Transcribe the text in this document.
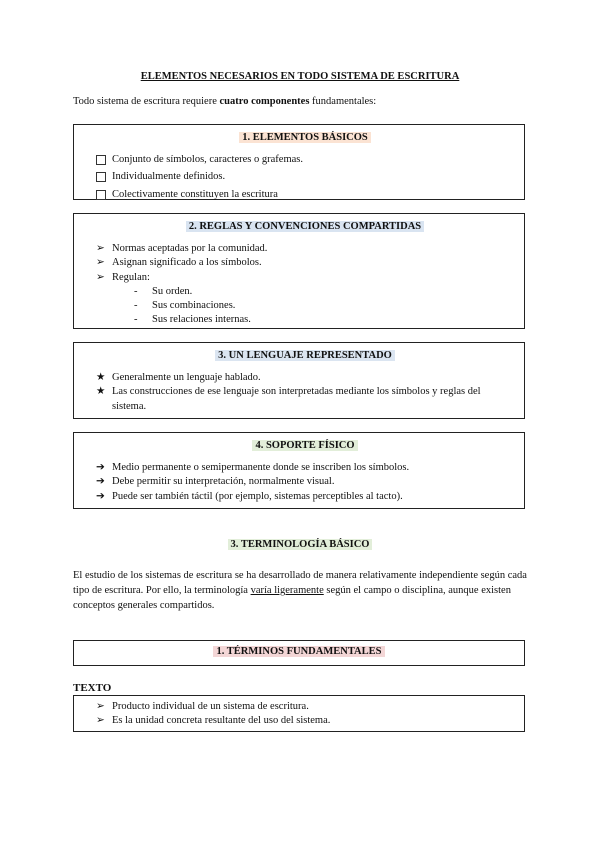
ELEMENTOS NECESARIOS EN TODO SISTEMA DE ESCRITURA
Todo sistema de escritura requiere cuatro componentes fundamentales:
1. ELEMENTOS BÁSICOS
Conjunto de símbolos, caracteres o grafemas.
Individualmente definidos.
Colectivamente constituyen la escritura
2. REGLAS Y CONVENCIONES COMPARTIDAS
➢ Normas aceptadas por la comunidad.
➢ Asignan significado a los símbolos.
➢ Regulan:
-	Su orden.
-	Sus combinaciones.
-	Sus relaciones internas.
3. UN LENGUAJE REPRESENTADO
★ Generalmente un lenguaje hablado.
★ Las construcciones de ese lenguaje son interpretadas mediante los símbolos y reglas del sistema.
4. SOPORTE FÍSICO
➔ Medio permanente o semipermanente donde se inscriben los símbolos.
➔ Debe permitir su interpretación, normalmente visual.
➔ Puede ser también táctil (por ejemplo, sistemas perceptibles al tacto).
3. TERMINOLOGÍA BÁSICO
El estudio de los sistemas de escritura se ha desarrollado de manera relativamente independiente según cada tipo de escritura. Por ello, la terminología varía ligeramente según el campo o disciplina, aunque existen conceptos generales compartidos.
1. TÉRMINOS FUNDAMENTALES
TEXTO
➢ Producto individual de un sistema de escritura.
➢ Es la unidad concreta resultante del uso del sistema.
